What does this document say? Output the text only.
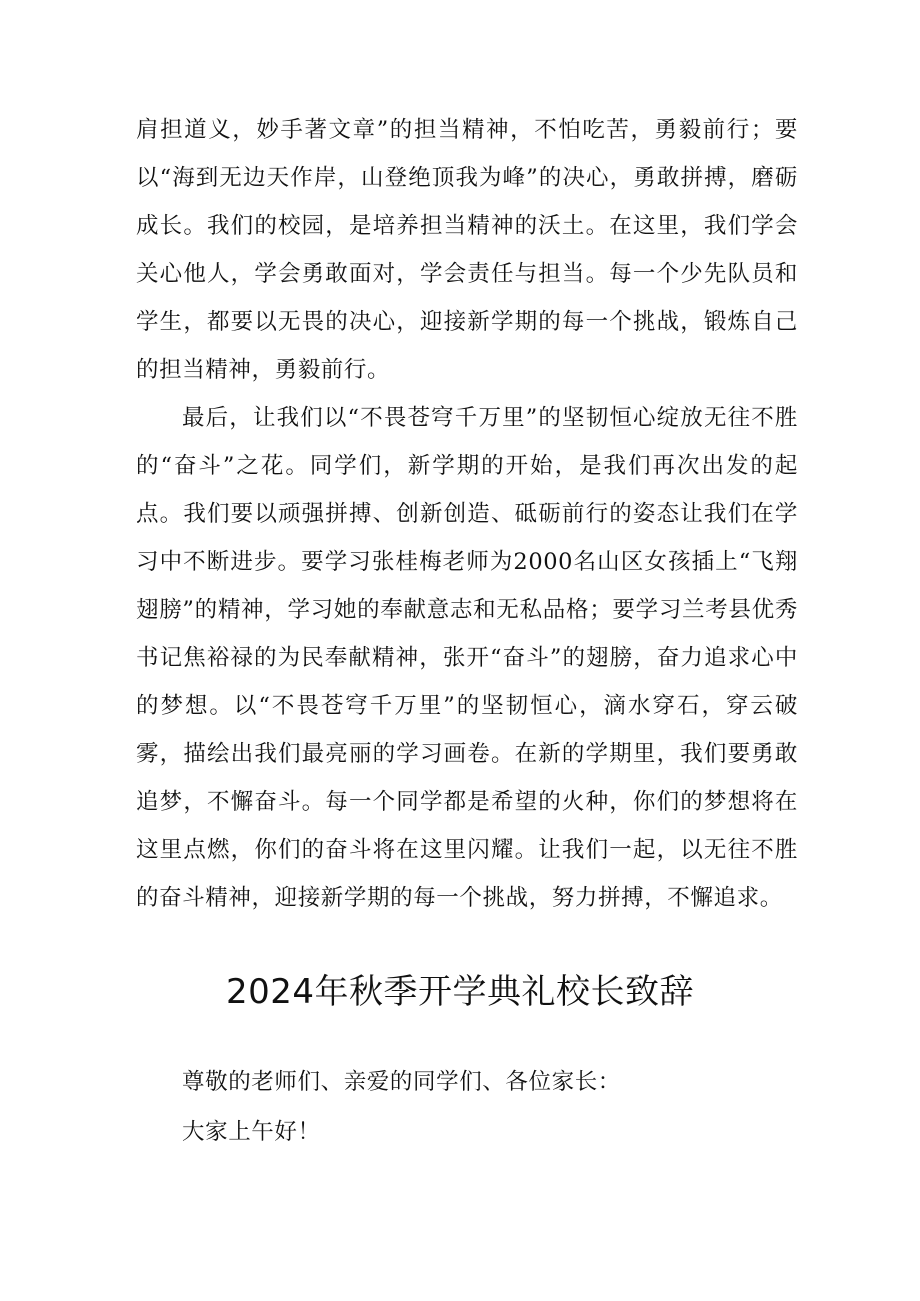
肩担道义，妙手著文章”的担当精神，不怕吃苦，勇毅前行；要以“海到无边天作岸，山登绝顶我为峰”的决心，勇敢拼搏，磨砺成长。我们的校园，是培养担当精神的沃土。在这里，我们学会关心他人，学会勇敢面对，学会责任与担当。每一个少先队员和学生，都要以无畏的决心，迎接新学期的每一个挑战，锻炼自己的担当精神，勇毅前行。

最后，让我们以“不畏苍穹千万里”的坚韧恒心绽放无往不胜的“奋斗”之花。同学们，新学期的开始，是我们再次出发的起点。我们要以顽强拼搏、创新创造、砥砺前行的姿态让我们在学习中不断进步。要学习张桂梅老师为2000名山区女孩插上“飞翔翅膀”的精神，学习她的奉献意志和无私品格；要学习兰考县优秀书记焦裕禄的为民奉献精神，张开“奋斗”的翅膀，奋力追求心中的梦想。以“不畏苍穹千万里”的坚韧恒心，滴水穿石，穿云破雾，描绘出我们最亮丽的学习画卷。在新的学期里，我们要勇敢追梦，不懈奋斗。每一个同学都是希望的火种，你们的梦想将在这里点燃，你们的奋斗将在这里闪耀。让我们一起，以无往不胜的奋斗精神，迎接新学期的每一个挑战，努力拼搏，不懈追求。

2024年秋季开学典礼校长致辞

尊敬的老师们、亲爱的同学们、各位家长：

大家上午好！
